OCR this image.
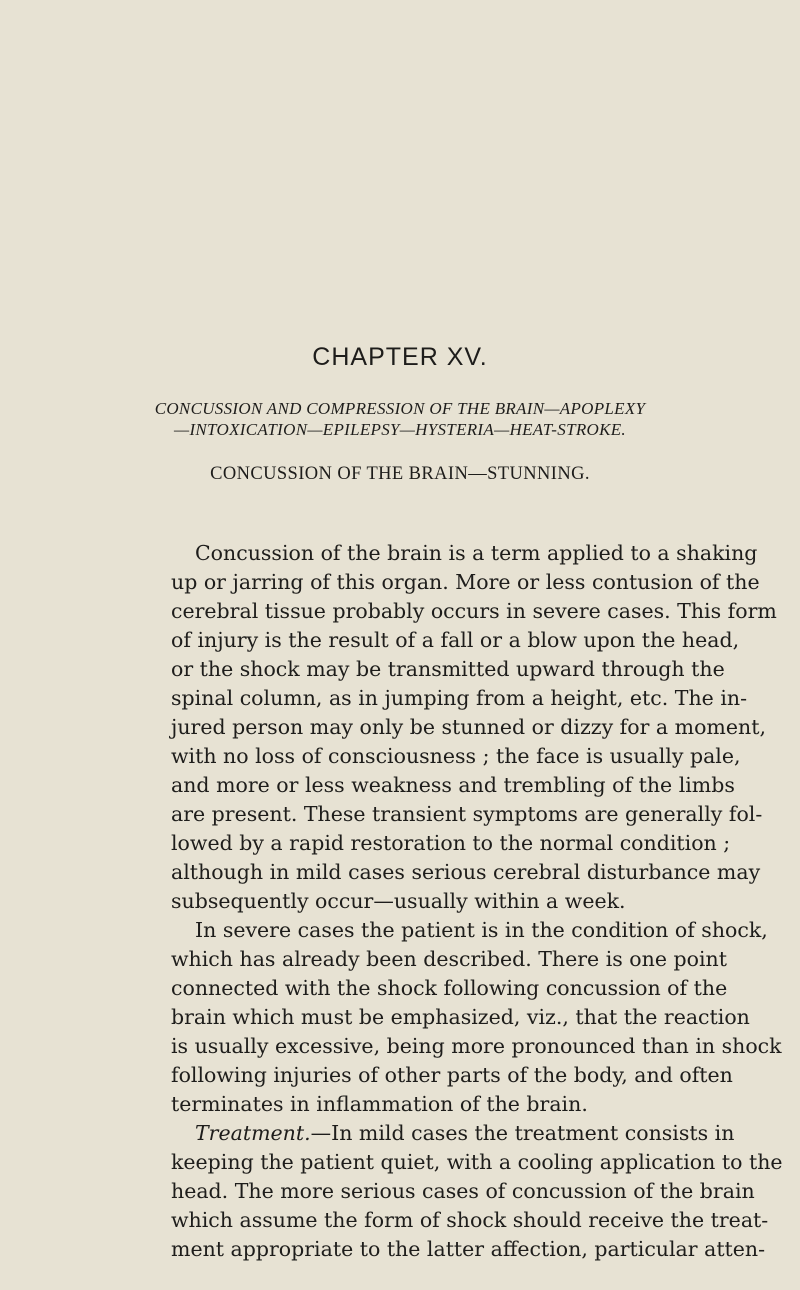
CHAPTER XV.
CONCUSSION AND COMPRESSION OF THE BRAIN—APOPLEXY
—INTOXICATION—EPILEPSY—HYSTERIA—HEAT-STROKE.
CONCUSSION OF THE BRAIN—STUNNING.
Concussion of the brain is a term applied to a shaking
up or jarring of this organ. More or less contusion of the
cerebral tissue probably occurs in severe cases. This form
of injury is the result of a fall or a blow upon the head,
or the shock may be transmitted upward through the
spinal column, as in jumping from a height, etc. The in-
jured person may only be stunned or dizzy for a moment,
with no loss of consciousness ; the face is usually pale,
and more or less weakness and trembling of the limbs
are present. These transient symptoms are generally fol-
lowed by a rapid restoration to the normal condition ;
although in mild cases serious cerebral disturbance may
subsequently occur—usually within a week.
In severe cases the patient is in the condition of shock,
which has already been described. There is one point
connected with the shock following concussion of the
brain which must be emphasized, viz., that the reaction
is usually excessive, being more pronounced than in shock
following injuries of other parts of the body, and often
terminates in inflammation of the brain.
Treatment. —In mild cases the treatment consists in
keeping the patient quiet, with a cooling application to the
head. The more serious cases of concussion of the brain
which assume the form of shock should receive the treat-
ment appropriate to the latter affection, particular atten-
